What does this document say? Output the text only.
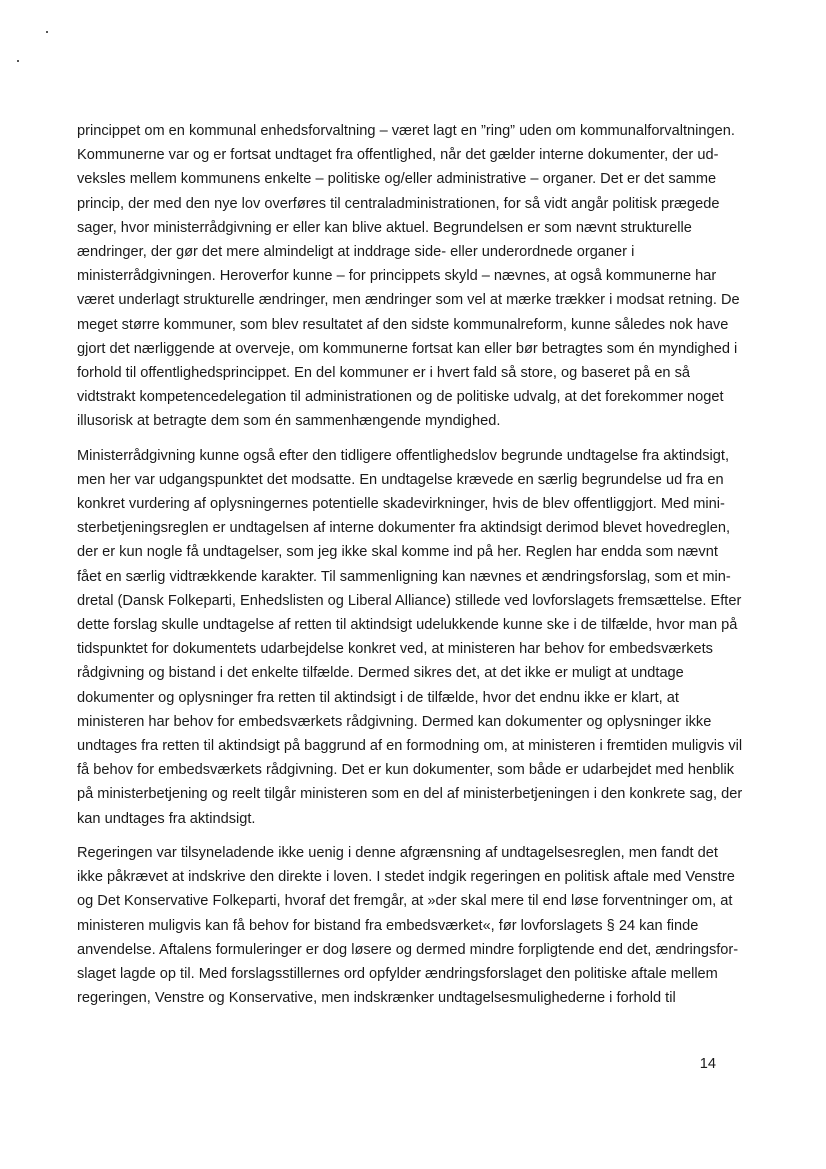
princippet om en kommunal enhedsforvaltning – været lagt en ”ring” uden om kommunalforvaltningen.
Kommunerne var og er fortsat undtaget fra offentlighed, når det gælder interne dokumenter, der ud-
veksles mellem kommunens enkelte – politiske og/eller administrative – organer. Det er det samme
princip, der med den nye lov overføres til centraladministrationen, for så vidt angår politisk prægede
sager, hvor ministerrådgivning er eller kan blive aktuel. Begrundelsen er som nævnt strukturelle
ændringer, der gør det mere almindeligt at inddrage side- eller underordnede organer i
ministerrådgivningen. Heroverfor kunne – for princippets skyld – nævnes, at også kommunerne har
været underlagt strukturelle ændringer, men ændringer som vel at mærke trækker i modsat retning. De
meget større kommuner, som blev resultatet af den sidste kommunalreform, kunne således nok have
gjort det nærliggende at overveje, om kommunerne fortsat kan eller bør betragtes som én myndighed i
forhold til offentlighedsprincippet. En del kommuner er i hvert fald så store, og baseret på en så
vidtstrakt kompetencedelegation til administrationen og de politiske udvalg, at det forekommer noget
illusorisk at betragte dem som én sammenhængende myndighed.

Ministerrådgivning kunne også efter den tidligere offentlighedslov begrunde undtagelse fra aktindsigt,
men her var udgangspunktet det modsatte. En undtagelse krævede en særlig begrundelse ud fra en
konkret vurdering af oplysningernes potentielle skadevirkninger, hvis de blev offentliggjort. Med mini-
sterbetjeningsreglen er undtagelsen af interne dokumenter fra aktindsigt derimod blevet hovedreglen,
der er kun nogle få undtagelser, som jeg ikke skal komme ind på her. Reglen har endda som nævnt
fået en særlig vidtrækkende karakter. Til sammenligning kan nævnes et ændringsforslag, som et min-
dretal (Dansk Folkeparti, Enhedslisten og Liberal Alliance) stillede ved lovforslagets fremsættelse. Efter
dette forslag skulle undtagelse af retten til aktindsigt udelukkende kunne ske i de tilfælde, hvor man på
tidspunktet for dokumentets udarbejdelse konkret ved, at ministeren har behov for embedsværkets
rådgivning og bistand i det enkelte tilfælde. Dermed sikres det, at det ikke er muligt at undtage
dokumenter og oplysninger fra retten til aktindsigt i de tilfælde, hvor det endnu ikke er klart, at
ministeren har behov for embedsværkets rådgivning. Dermed kan dokumenter og oplysninger ikke
undtages fra retten til aktindsigt på baggrund af en formodning om, at ministeren i fremtiden muligvis vil
få behov for embedsværkets rådgivning. Det er kun dokumenter, som både er udarbejdet med henblik
på ministerbetjening og reelt tilgår ministeren som en del af ministerbetjeningen i den konkrete sag, der
kan undtages fra aktindsigt.

Regeringen var tilsyneladende ikke uenig i denne afgrænsning af undtagelsesreglen, men fandt det
ikke påkrævet at indskrive den direkte i loven. I stedet indgik regeringen en politisk aftale med Venstre
og Det Konservative Folkeparti, hvoraf det fremgår, at »der skal mere til end løse forventninger om, at
ministeren muligvis kan få behov for bistand fra embedsværket«, før lovforslagets § 24 kan finde
anvendelse. Aftalens formuleringer er dog løsere og dermed mindre forpligtende end det, ændringsfor-
slaget lagde op til. Med forslagsstillernes ord opfylder ændringsforslaget den politiske aftale mellem
regeringen, Venstre og Konservative, men indskrænker undtagelsesmulighederne i forhold til

14
